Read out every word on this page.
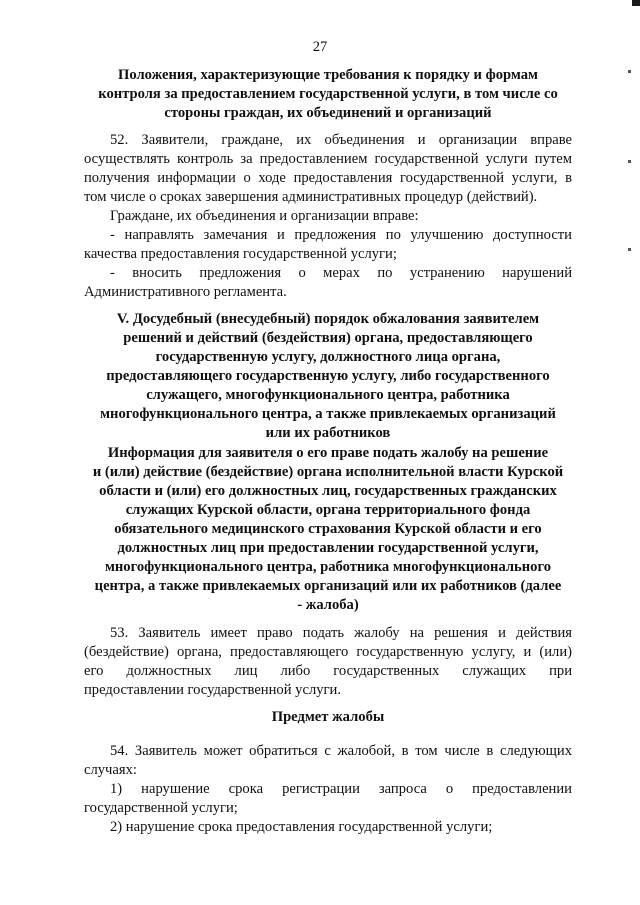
27
Положения, характеризующие требования к порядку и формам
контроля за предоставлением государственной услуги, в том числе со
стороны граждан, их объединений и организаций
52. Заявители, граждане, их объединения и организации вправе
осуществлять контроль за предоставлением государственной услуги путем
получения информации о ходе предоставления государственной услуги, в
том числе о сроках завершения административных процедур (действий).
Граждане, их объединения и организации вправе:
- направлять замечания и предложения по улучшению доступности
качества предоставления государственной услуги;
- вносить предложения о мерах по устранению нарушений
Административного регламента.
V. Досудебный (внесудебный) порядок обжалования заявителем
решений и действий (бездействия) органа, предоставляющего
государственную услугу, должностного лица органа,
предоставляющего государственную услугу, либо государственного
служащего, многофункционального центра, работника
многофункционального центра, а также привлекаемых организаций
или их работников
Информация для заявителя о его праве подать жалобу на решение
и (или) действие (бездействие) органа исполнительной власти Курской
области и (или) его должностных лиц, государственных гражданских
служащих Курской области, органа территориального фонда
обязательного медицинского страхования Курской области и его
должностных лиц при предоставлении государственной услуги,
многофункционального центра, работника многофункционального
центра, а также привлекаемых организаций или их работников (далее
- жалоба)
53. Заявитель имеет право подать жалобу на решения и действия
(бездействие) органа, предоставляющего государственную услугу, и (или)
его должностных лиц либо государственных служащих при
предоставлении государственной услуги.
Предмет жалобы
54. Заявитель может обратиться с жалобой, в том числе в следующих
случаях:
1) нарушение срока регистрации запроса о предоставлении
государственной услуги;
2) нарушение срока предоставления государственной услуги;
